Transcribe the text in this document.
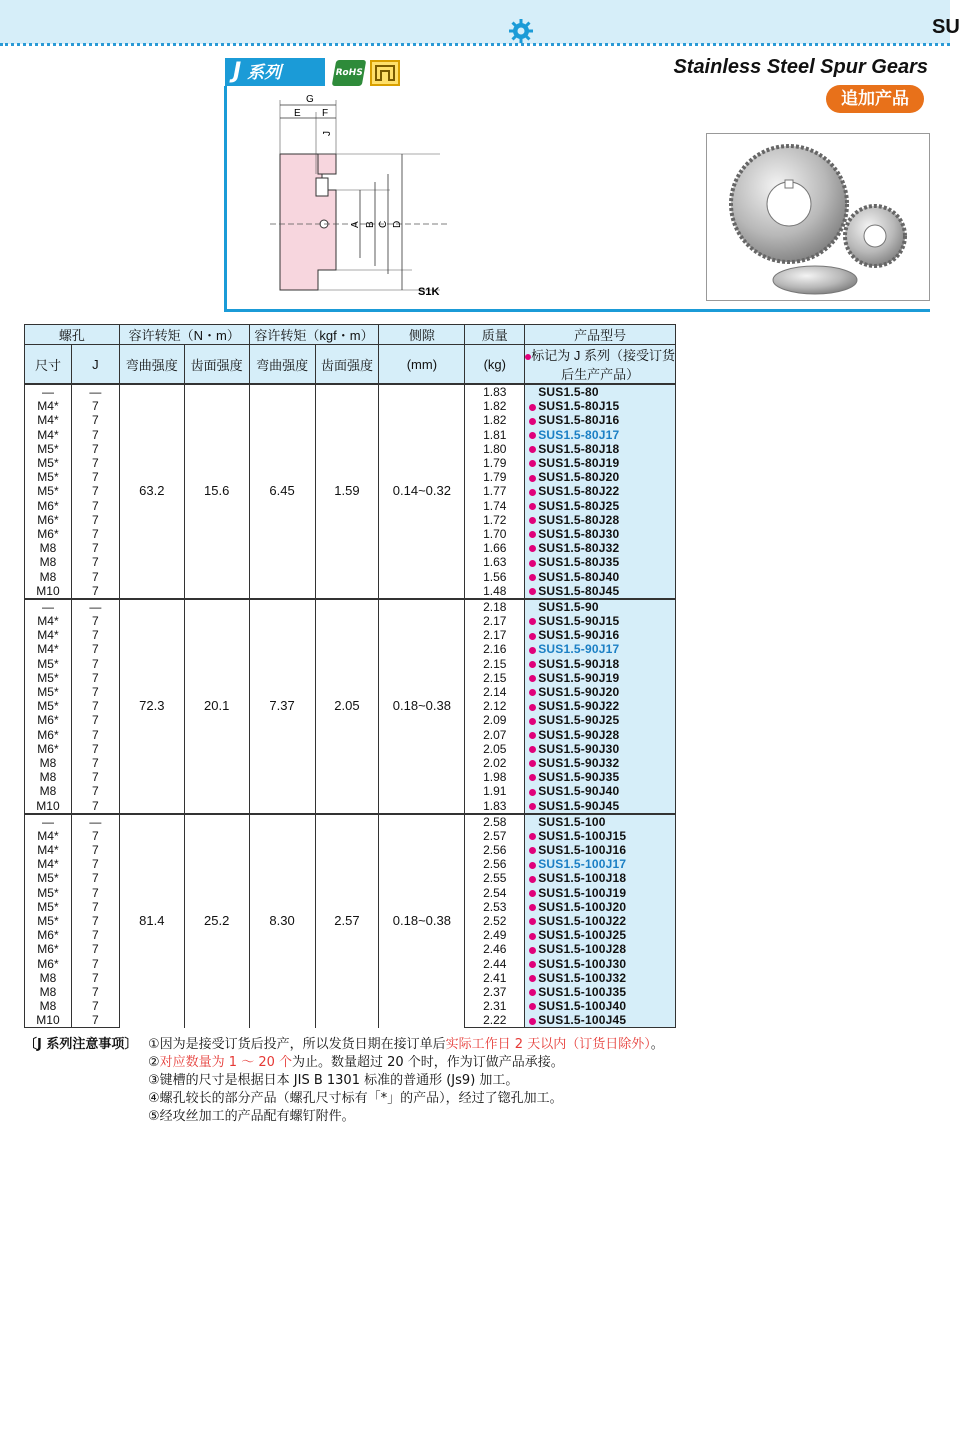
SU
J 系列	RoHS	Stainless Steel Spur Gears
追加产品
G
E F
J
A B C D
S1K
螺孔		容许转矩（N・m）		容许转矩（kgf・m）		侧隙	质量	产品型号
尺寸	J	弯曲强度	齿面强度	弯曲强度	齿面强度	(mm)	(kg)	标记为 J 系列（接受订货后生产产品）
—	—	63.2	15.6	6.45	1.59	0.14~0.32	1.83	SUS1.5-80
M4*	7						1.82	SUS1.5-80J15
M4*	7						1.82	SUS1.5-80J16
M4*	7						1.81	SUS1.5-80J17
M5*	7						1.80	SUS1.5-80J18
M5*	7						1.79	SUS1.5-80J19
M5*	7						1.79	SUS1.5-80J20
M5*	7						1.77	SUS1.5-80J22
M6*	7						1.74	SUS1.5-80J25
M6*	7						1.72	SUS1.5-80J28
M6*	7						1.70	SUS1.5-80J30
M8	7						1.66	SUS1.5-80J32
M8	7						1.63	SUS1.5-80J35
M8	7						1.56	SUS1.5-80J40
M10	7						1.48	SUS1.5-80J45
—	—	72.3	20.1	7.37	2.05	0.18~0.38	2.18	SUS1.5-90
M4*	7						2.17	SUS1.5-90J15
M4*	7						2.17	SUS1.5-90J16
M4*	7						2.16	SUS1.5-90J17
M5*	7						2.15	SUS1.5-90J18
M5*	7						2.15	SUS1.5-90J19
M5*	7						2.14	SUS1.5-90J20
M5*	7						2.12	SUS1.5-90J22
M6*	7						2.09	SUS1.5-90J25
M6*	7						2.07	SUS1.5-90J28
M6*	7						2.05	SUS1.5-90J30
M8	7						2.02	SUS1.5-90J32
M8	7						1.98	SUS1.5-90J35
M8	7						1.91	SUS1.5-90J40
M10	7						1.83	SUS1.5-90J45
—	—	81.4	25.2	8.30	2.57	0.18~0.38	2.58	SUS1.5-100
M4*	7						2.57	SUS1.5-100J15
M4*	7						2.56	SUS1.5-100J16
M4*	7						2.56	SUS1.5-100J17
M5*	7						2.55	SUS1.5-100J18
M5*	7						2.54	SUS1.5-100J19
M5*	7						2.53	SUS1.5-100J20
M5*	7						2.52	SUS1.5-100J22
M6*	7						2.49	SUS1.5-100J25
M6*	7						2.46	SUS1.5-100J28
M6*	7						2.44	SUS1.5-100J30
M8	7						2.41	SUS1.5-100J32
M8	7						2.37	SUS1.5-100J35
M8	7						2.31	SUS1.5-100J40
M10	7						2.22	SUS1.5-100J45
〔J 系列注意事项〕 ①因为是接受订货后投产，所以发货日期在接订单后实际工作日 2 天以内（订货日除外）。
②对应数量为 1 ～ 20 个为止。数量超过 20 个时，作为订做产品承接。
③键槽的尺寸是根据日本 JIS B 1301 标准的普通形 (Js9) 加工。
④螺孔较长的部分产品（螺孔尺寸标有「*」的产品），经过了锪孔加工。
⑤经攻丝加工的产品配有螺钉附件。
